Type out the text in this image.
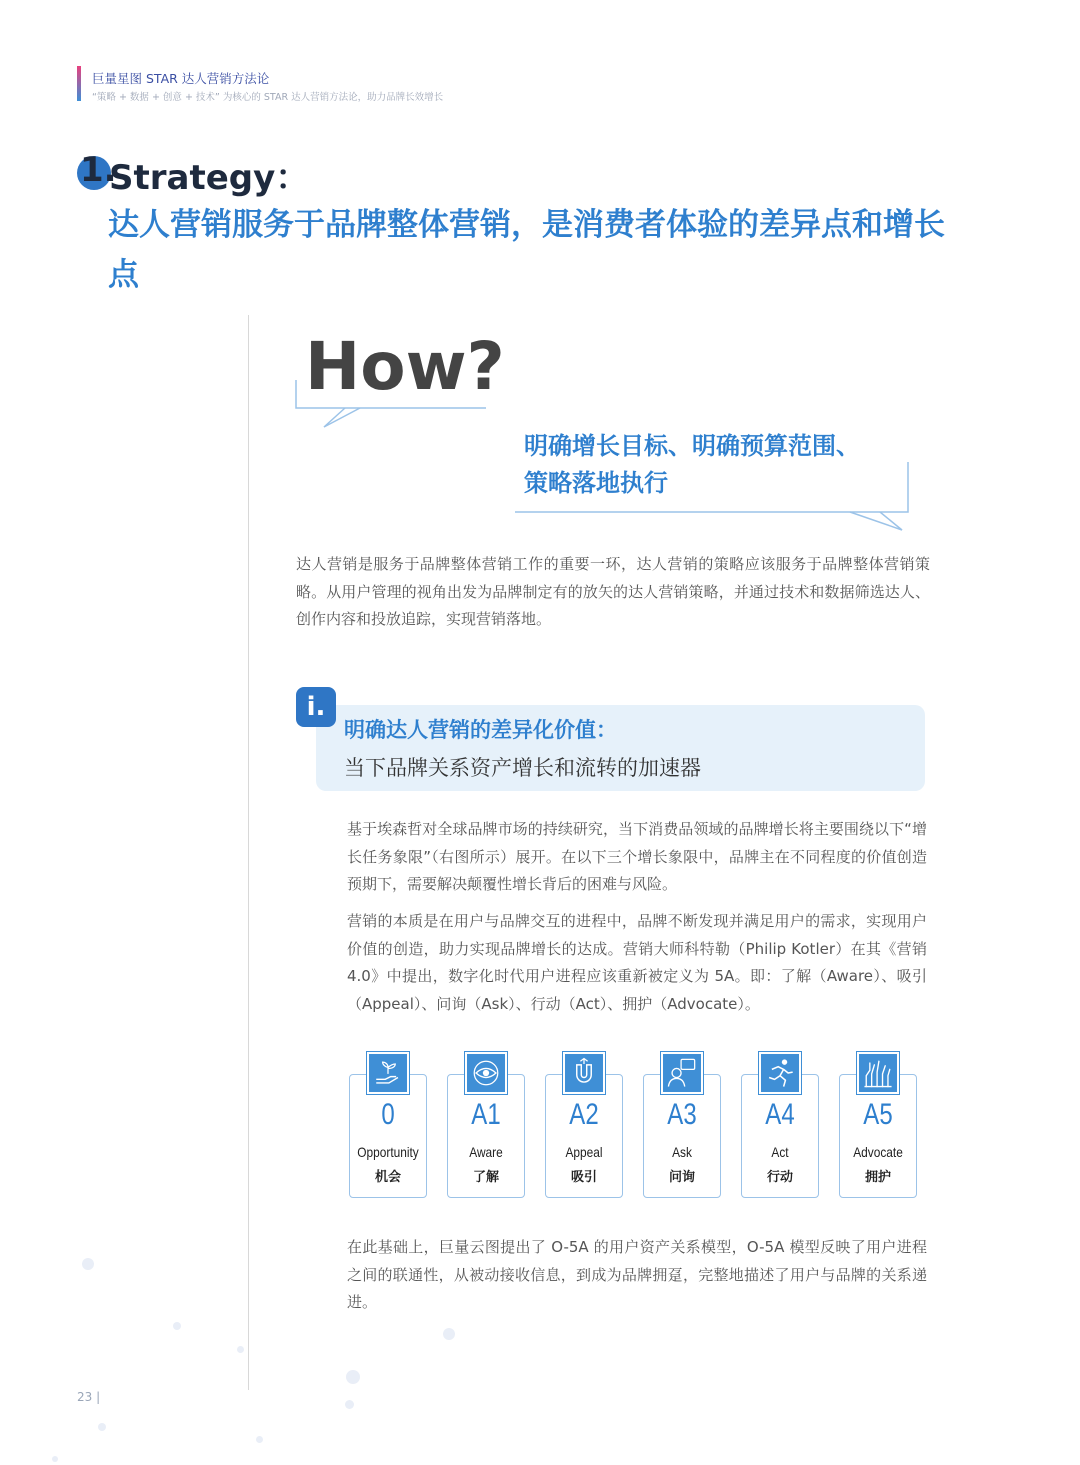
巨量星图 STAR 达人营销方法论
“策略 + 数据 + 创意 + 技术” 为核心的 STAR 达人营销方法论，助力品牌长效增长
1.
Strategy：
达人营销服务于品牌整体营销，是消费者体验的差异点和增长点
How?
明确增长目标、明确预算范围、
策略落地执行
达人营销是服务于品牌整体营销工作的重要一环，达人营销的策略应该服务于品牌整体营销策略。从用户管理的视角出发为品牌制定有的放矢的达人营销策略，并通过技术和数据筛选达人、创作内容和投放追踪，实现营销落地。
i.
明确达人营销的差异化价值：
当下品牌关系资产增长和流转的加速器
基于埃森哲对全球品牌市场的持续研究，当下消费品领域的品牌增长将主要围绕以下“增长任务象限”（右图所示）展开。在以下三个增长象限中，品牌主在不同程度的价值创造预期下，需要解决颠覆性增长背后的困难与风险。
营销的本质是在用户与品牌交互的进程中，品牌不断发现并满足用户的需求，实现用户价值的创造，助力实现品牌增长的达成。营销大师科特勒（Philip Kotler）在其《营销 4.0》中提出，数字化时代用户进程应该重新被定义为 5A。即：了解（Aware）、吸引（Appeal）、问询（Ask）、行动（Act）、拥护（Advocate）。
0
Opportunity
机会
A1
Aware
了解
A2
Appeal
吸引
A3
Ask
问询
A4
Act
行动
A5
Advocate
拥护
在此基础上，巨量云图提出了 O-5A 的用户资产关系模型，O-5A 模型反映了用户进程之间的联通性，从被动接收信息，到成为品牌拥趸，完整地描述了用户与品牌的关系递进。
23 |
